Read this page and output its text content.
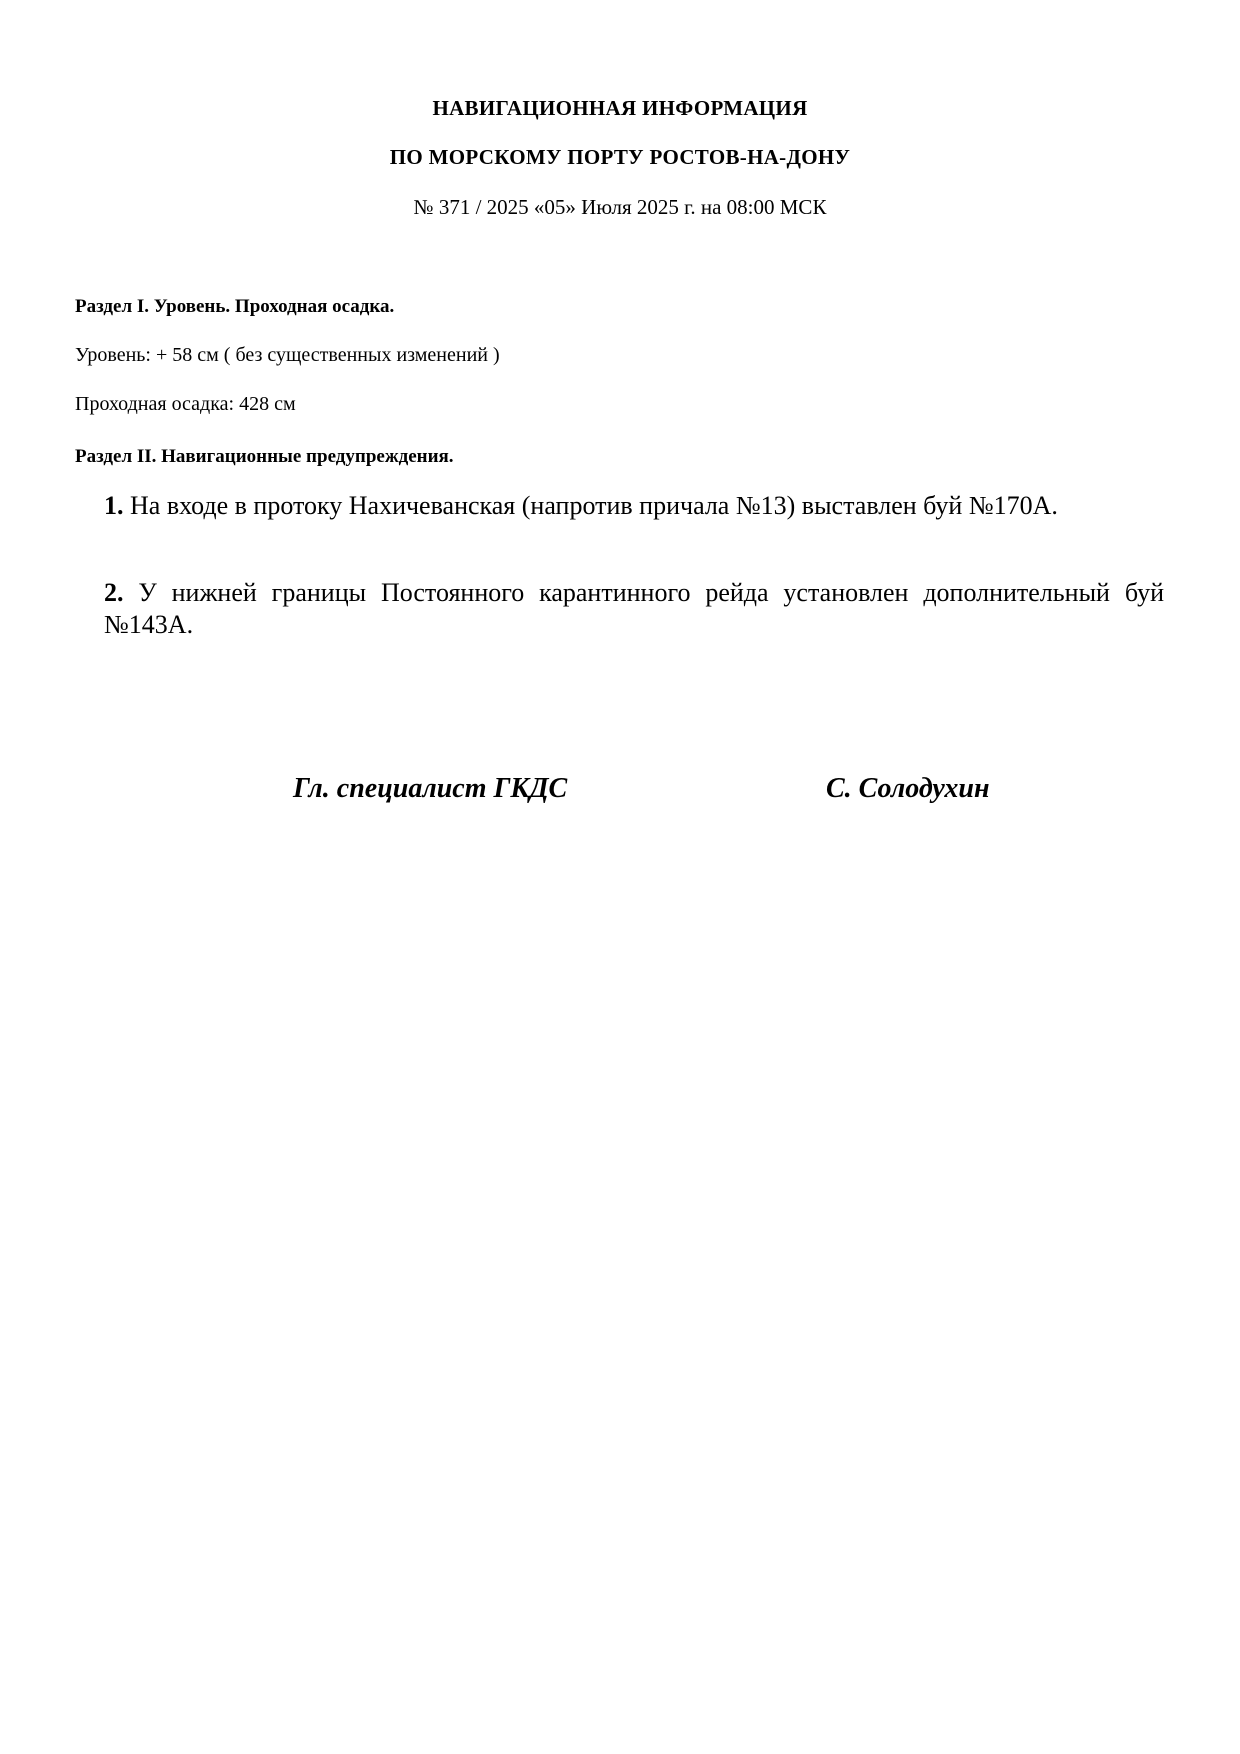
НАВИГАЦИОННАЯ ИНФОРМАЦИЯ

ПО МОРСКОМУ ПОРТУ РОСТОВ-НА-ДОНУ

№ 371 / 2025 «05» Июля 2025 г. на 08:00 МСК

Раздел I. Уровень. Проходная осадка.

Уровень: + 58 см ( без существенных изменений )

Проходная осадка: 428 см

Раздел II. Навигационные предупреждения.

1. На входе в протоку Нахичеванская (напротив причала №13) выставлен буй №170А.

2. У нижней границы Постоянного карантинного рейда установлен дополнительный буй №143А.

Гл. специалист ГКДС	С. Солодухин
